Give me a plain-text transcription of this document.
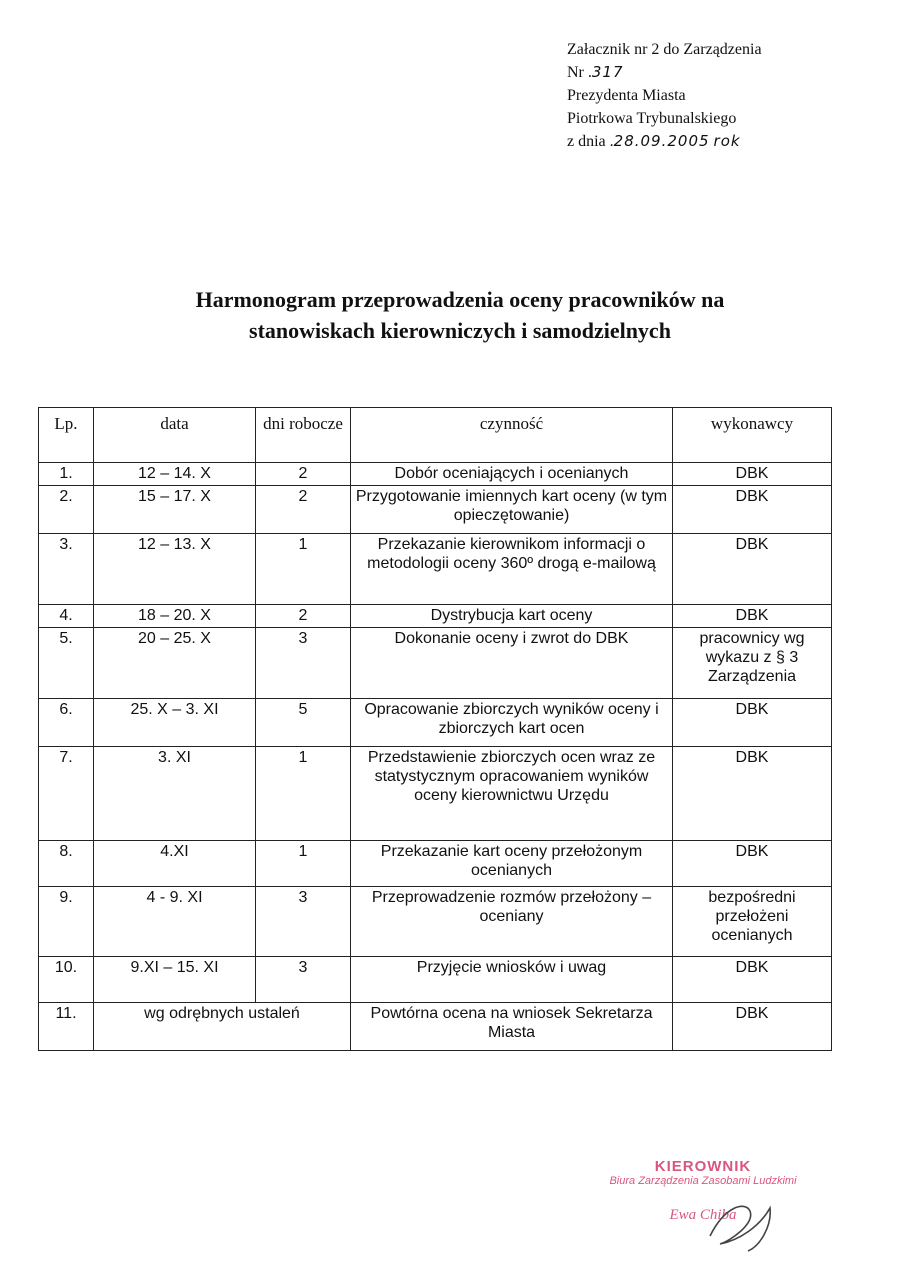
Załacznik nr 2 do Zarządzenia
Nr .317
Prezydenta Miasta
Piotrkowa Trybunalskiego
z dnia .28.09.2005 rok
Harmonogram przeprowadzenia oceny pracowników na
stanowiskach kierowniczych i samodzielnych
Lp.	data	dni robocze	czynność	wykonawcy
1.	12 – 14. X	2	Dobór oceniających i ocenianych	DBK
2.	15 – 17. X	2	Przygotowanie imiennych kart oceny (w tym opieczętowanie)	DBK
3.	12 – 13. X	1	Przekazanie kierownikom informacji o metodologii oceny 360º drogą e-mailową	DBK
4.	18 – 20. X	2	Dystrybucja kart oceny	DBK
5.	20 – 25. X	3	Dokonanie oceny i zwrot do DBK	pracownicy wg wykazu z § 3 Zarządzenia
6.	25. X – 3. XI	5	Opracowanie zbiorczych wyników oceny i zbiorczych kart ocen	DBK
7.	3. XI	1	Przedstawienie zbiorczych ocen wraz ze statystycznym opracowaniem wyników oceny kierownictwu Urzędu	DBK
8.	4.XI	1	Przekazanie kart oceny przełożonym ocenianych	DBK
9.	4 - 9. XI	3	Przeprowadzenie rozmów przełożony – oceniany	bezpośredni przełożeni ocenianych
10.	9.XI – 15. XI	3	Przyjęcie wniosków i uwag	DBK
11.	wg odrębnych ustaleń		Powtórna ocena na wniosek Sekretarza Miasta	DBK
KIEROWNIK
Biura Zarządzenia Zasobami Ludzkimi
Ewa Chiba
